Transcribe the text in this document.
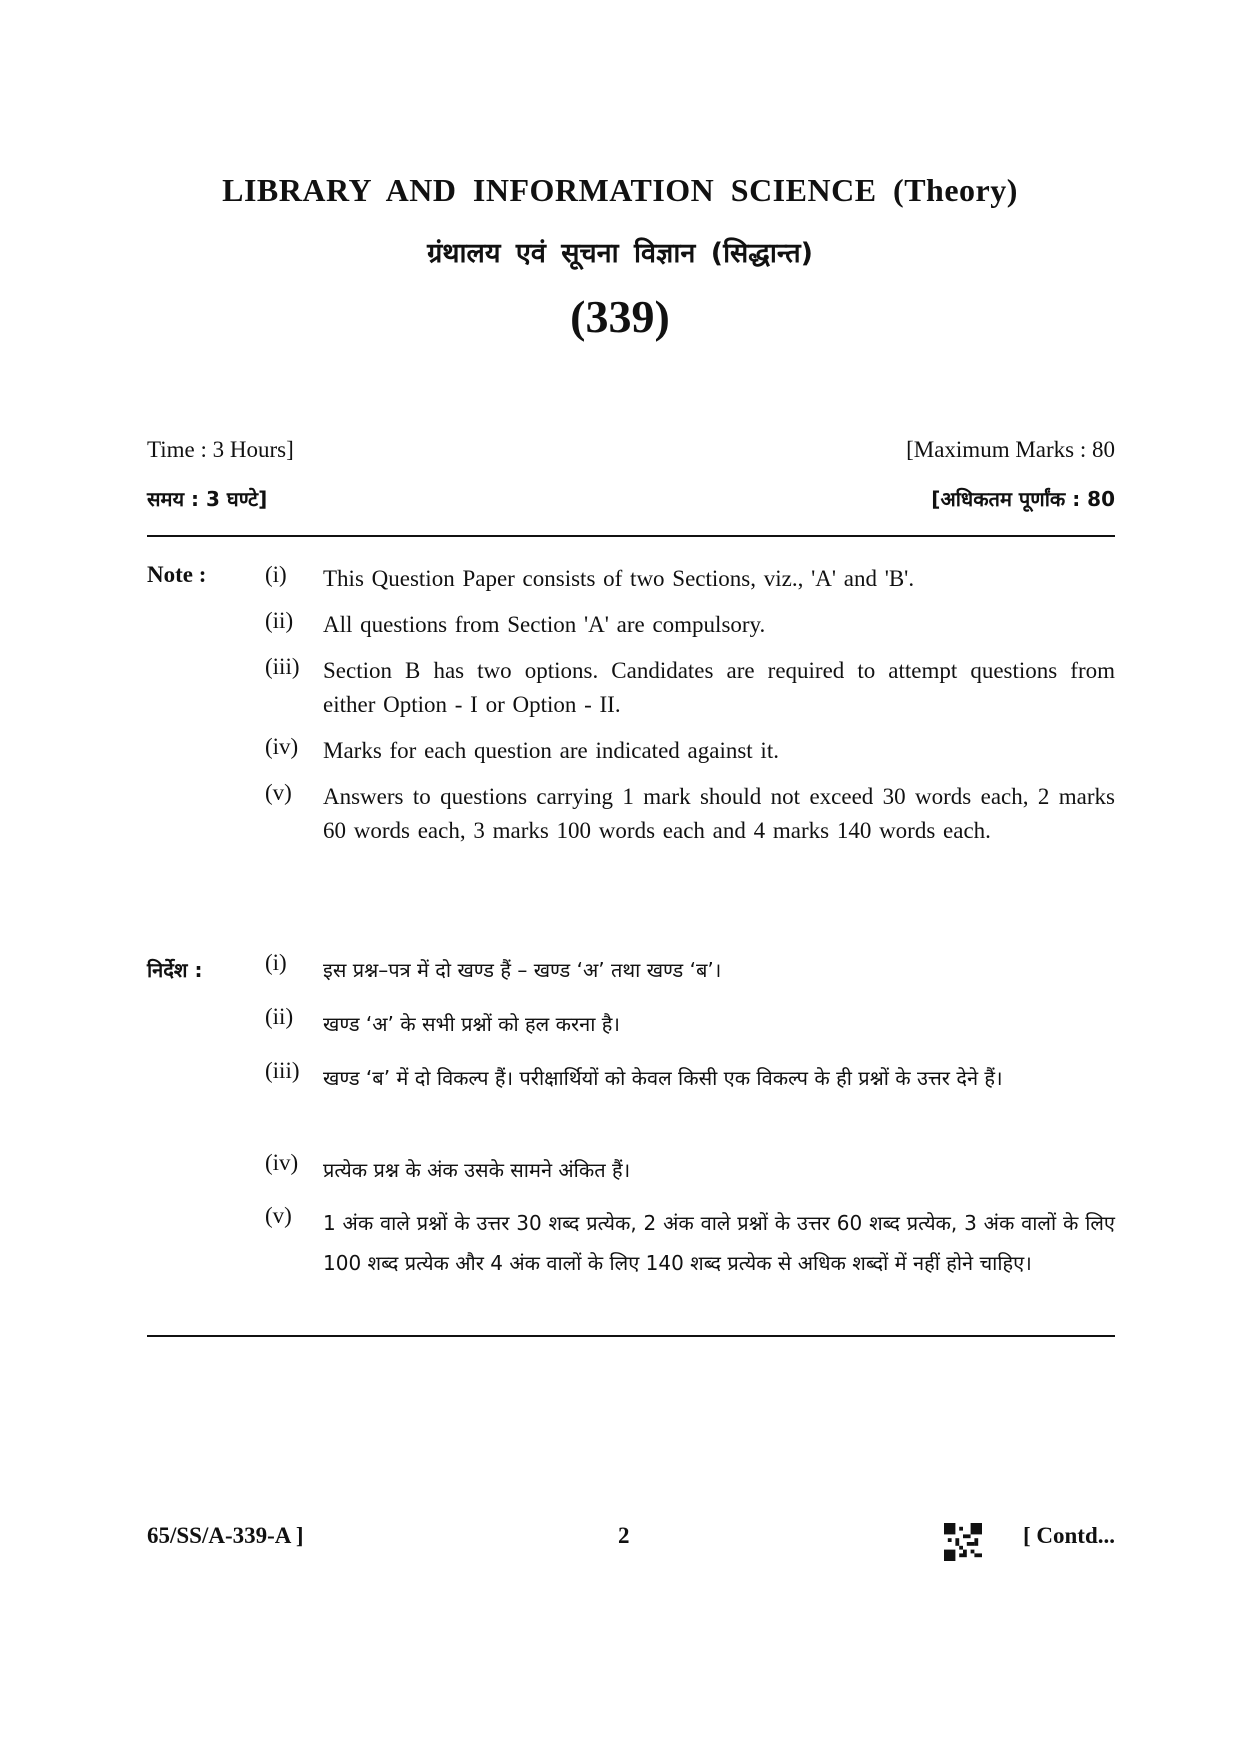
LIBRARY AND INFORMATION SCIENCE (Theory)
ग्रंथालय एवं सूचना विज्ञान (सिद्धान्त)
(339)
Time : 3 Hours]	[Maximum Marks : 80
समय : 3 घण्टे]	[अधिकतम पूर्णांक : 80
Note :	(i) This Question Paper consists of two Sections, viz., 'A' and 'B'.
(ii) All questions from Section 'A' are compulsory.
(iii) Section B has two options. Candidates are required to attempt questions from either Option - I or Option - II.
(iv) Marks for each question are indicated against it.
(v) Answers to questions carrying 1 mark should not exceed 30 words each, 2 marks 60 words each, 3 marks 100 words each and 4 marks 140 words each.
निर्देश :	(i) इस प्रश्न–पत्र में दो खण्ड हैं – खण्ड ‘अ’ तथा खण्ड ‘ब’।
(ii) खण्ड ‘अ’ के सभी प्रश्नों को हल करना है।
(iii) खण्ड ‘ब’ में दो विकल्प हैं। परीक्षार्थियों को केवल किसी एक विकल्प के ही प्रश्नों के उत्तर देने हैं।
(iv) प्रत्येक प्रश्न के अंक उसके सामने अंकित हैं।
(v) 1 अंक वाले प्रश्नों के उत्तर 30 शब्द प्रत्येक, 2 अंक वाले प्रश्नों के उत्तर 60 शब्द प्रत्येक, 3 अंक वालों के लिए 100 शब्द प्रत्येक और 4 अंक वालों के लिए 140 शब्द प्रत्येक से अधिक शब्दों में नहीं होने चाहिए।
65/SS/A-339-A ]	2	[ Contd...
